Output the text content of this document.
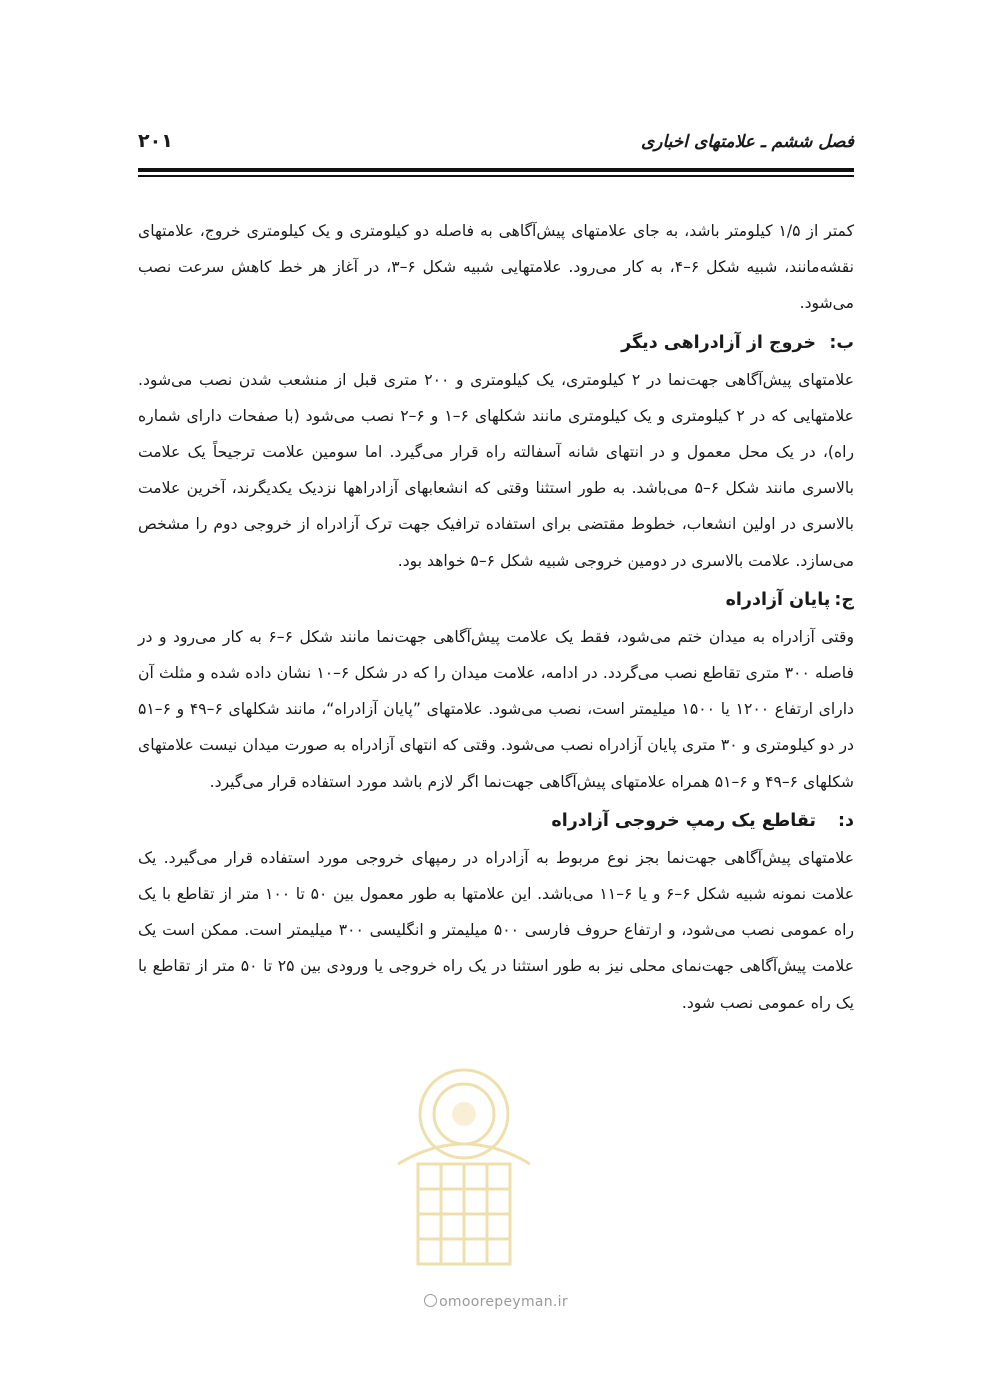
فصل ششم ـ علامتهای اخباری
۲۰۱

کمتر از ۱/۵ کیلومتر باشد، به جای علامتهای پیش‌آگاهی به فاصله دو کیلومتری و یک کیلومتری خروج، علامتهای نقشه‌مانند، شبیه شکل ۶–۴، به کار می‌رود. علامتهایی شبیه شکل ۶–۳، در آغاز هر خط کاهش سرعت نصب می‌شود.

ب:
خروج از آزادراهی دیگر

علامتهای پیش‌آگاهی جهت‌نما در ۲ کیلومتری، یک کیلومتری و ۲۰۰ متری قبل از منشعب شدن نصب می‌شود. علامتهایی که در ۲ کیلومتری و یک کیلومتری مانند شکلهای ۶–۱ و ۶–۲ نصب می‌شود (با صفحات دارای شماره راه)، در یک محل معمول و در انتهای شانه آسفالته راه قرار می‌گیرد. اما سومین علامت ترجیحاً یک علامت بالاسری مانند شکل ۶–۵ می‌باشد. به طور استثنا وقتی که انشعابهای آزادراهها نزدیک یکدیگرند، آخرین علامت بالاسری در اولین انشعاب، خطوط مقتضی برای استفاده ترافیک جهت ترک آزادراه از خروجی دوم را مشخص می‌سازد. علامت بالاسری در دومین خروجی شبیه شکل ۶–۵ خواهد بود.

ج:
پایان آزادراه

وقتی آزادراه به میدان ختم می‌شود، فقط یک علامت پیش‌آگاهی جهت‌نما مانند شکل ۶–۶ به کار می‌رود و در فاصله ۳۰۰ متری تقاطع نصب می‌گردد. در ادامه، علامت میدان را که در شکل ۶–۱۰ نشان داده شده و مثلث آن دارای ارتفاع ۱۲۰۰ یا ۱۵۰۰ میلیمتر است، نصب می‌شود. علامتهای ”پایان آزادراه“، مانند شکلهای ۶–۴۹ و ۶–۵۱ در دو کیلومتری و ۳۰ متری پایان آزادراه نصب می‌شود. وقتی که انتهای آزادراه به صورت میدان نیست علامتهای شکلهای ۶–۴۹ و ۶–۵۱ همراه علامتهای پیش‌آگاهی جهت‌نما اگر لازم باشد مورد استفاده قرار می‌گیرد.

د:
تقاطع یک رمپ خروجی آزادراه

علامتهای پیش‌آگاهی جهت‌نما بجز نوع مربوط به آزادراه در رمپهای خروجی مورد استفاده قرار می‌گیرد. یک علامت نمونه شبیه شکل ۶–۶ و یا ۶–۱۱ می‌باشد. این علامتها به طور معمول بین ۵۰ تا ۱۰۰ متر از تقاطع با یک راه عمومی نصب می‌شود، و ارتفاع حروف فارسی ۵۰۰ میلیمتر و انگلیسی ۳۰۰ میلیمتر است. ممکن است یک علامت پیش‌آگاهی جهت‌نمای محلی نیز به طور استثنا در یک راه خروجی یا ورودی بین ۲۵ تا ۵۰ متر از تقاطع با یک راه عمومی نصب شود.

omoorepeyman.ir
